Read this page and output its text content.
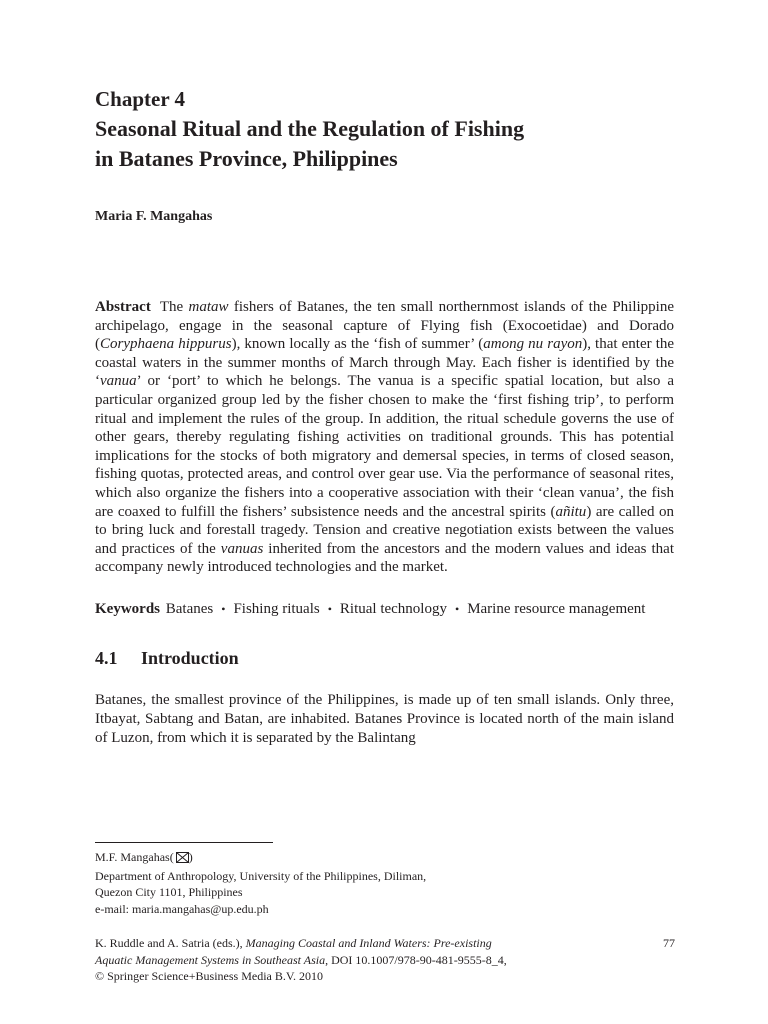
Chapter 4
Seasonal Ritual and the Regulation of Fishing
in Batanes Province, Philippines
Maria F. Mangahas

Abstract The mataw fishers of Batanes, the ten small northernmost islands of the Philippine archipelago, engage in the seasonal capture of Flying fish (Exocoetidae) and Dorado (Coryphaena hippurus), known locally as the ‘fish of summer’ (among nu rayon), that enter the coastal waters in the summer months of March through May. Each fisher is identified by the ‘vanua’ or ‘port’ to which he belongs. The vanua is a specific spatial location, but also a particular organized group led by the fisher chosen to make the ‘first fishing trip’, to perform ritual and implement the rules of the group. In addition, the ritual schedule governs the use of other gears, thereby regulating fishing activities on traditional grounds. This has potential implications for the stocks of both migratory and demersal species, in terms of closed season, fishing quotas, protected areas, and control over gear use. Via the performance of seasonal rites, which also organize the fishers into a cooperative association with their ‘clean vanua’, the fish are coaxed to fulfill the fishers’ subsistence needs and the ancestral spirits (añitu) are called on to bring luck and forestall tragedy. Tension and creative negotiation exists between the values and practices of the vanuas inherited from the ancestors and the modern values and ideas that accompany newly introduced technologies and the market.

Keywords Batanes • Fishing rituals • Ritual technology • Marine resource management

4.1 Introduction

Batanes, the smallest province of the Philippines, is made up of ten small islands. Only three, Itbayat, Sabtang and Batan, are inhabited. Batanes Province is located north of the main island of Luzon, from which it is separated by the Balintang

M.F. Mangahas( )
Department of Anthropology, University of the Philippines, Diliman,
Quezon City 1101, Philippines
e-mail: maria.mangahas@up.edu.ph
K. Ruddle and A. Satria (eds.), Managing Coastal and Inland Waters: Pre-existing
Aquatic Management Systems in Southeast Asia, DOI 10.1007/978-90-481-9555-8_4,
© Springer Science+Business Media B.V. 2010
77
